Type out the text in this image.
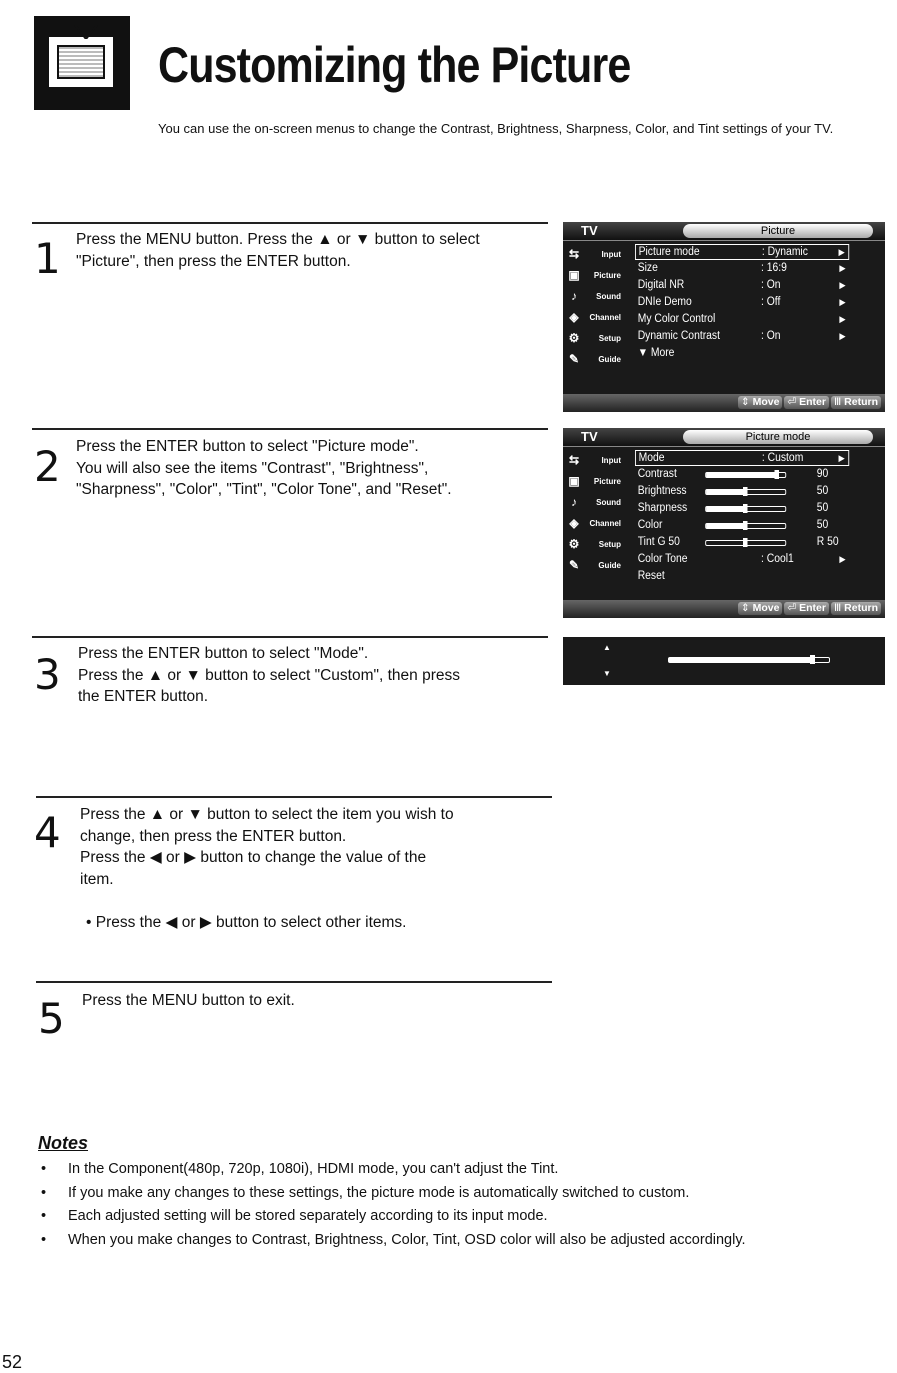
Customizing the Picture
You can use the on-screen menus to change the Contrast, Brightness, Sharpness, Color, and Tint settings of your TV.
1 Press the MENU button. Press the ▲ or ▼ button to select

"Picture", then press the ENTER button.

2 Press the ENTER button to select "Picture mode".

You will also see the items "Contrast", "Brightness",

"Sharpness", "Color", "Tint", "Color Tone", and "Reset".

3 Press the ENTER button to select "Mode".

Press the ▲ or ▼ button to select "Custom", then press

the ENTER button.

4 Press the ▲ or ▼ button to select the item you wish to

change, then press the ENTER button.

Press the ◀ or ▶ button to change the value of the

item.

• Press the ◀ or ▶ button to select other items.

5 Press the MENU button to exit.

TV	Picture
⇆	Input
▣ Picture
♪	Sound
◈ Channel
⚙ Setup
✎ Guide
Picture mode	: Dynamic	▶
Size	: 16:9	▶
Digital NR	: On	▶
DNIe Demo	: Off	▶
My Color Control	▶
Dynamic Contrast	: On	▶
▼ More
⇕ Move ⏎ Enter Ⅲ Return
TV	Picture mode
⇆	Input
▣ Picture
♪	Sound
◈ Channel
⚙ Setup
✎ Guide
Mode	: Custom	▶
Contrast	90
Brightness	50
Sharpness	50
Color	50
Tint G 50	R 50
Color Tone	: Cool1	▶
Reset
⇕ Move ⏎ Enter Ⅲ Return
▲
▼
Notes
• In the Component(480p, 720p, 1080i), HDMI mode, you can't adjust the Tint.
• If you make any changes to these settings, the picture mode is automatically switched to custom.
• Each adjusted setting will be stored separately according to its input mode.
• When you make changes to Contrast, Brightness, Color, Tint, OSD color will also be adjusted accordingly.
52
